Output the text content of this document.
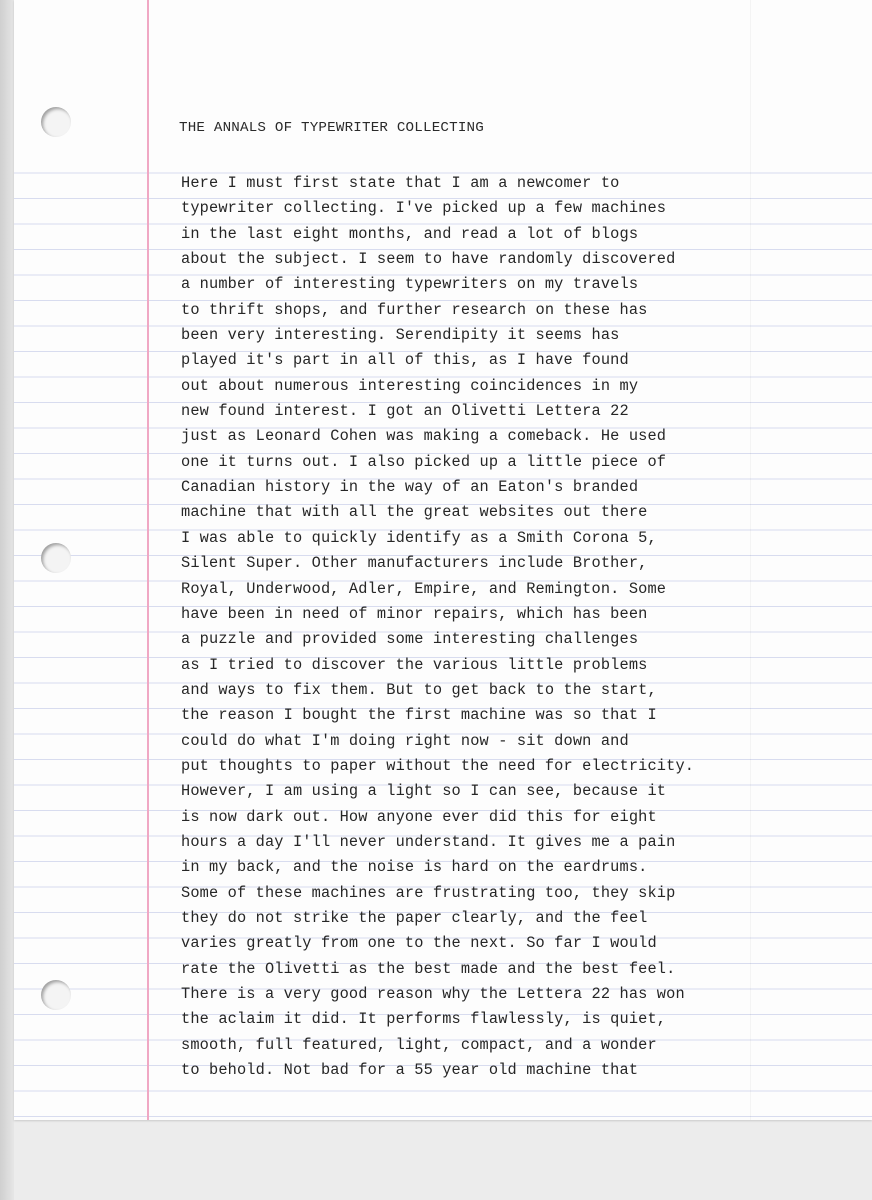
THE ANNALS OF TYPEWRITER COLLECTING
Here I must first state that I am a newcomer to
typewriter collecting. I've picked up a few machines
in the last eight months, and read a lot of blogs
about the subject. I seem to have randomly discovered
a number of interesting typewriters on my travels
to thrift shops, and further research on these has
been very interesting. Serendipity it seems has
played it's part in all of this, as I have found
out about numerous interesting coincidences in my
new found interest. I got an Olivetti Lettera 22
just as Leonard Cohen was making a comeback. He used
one it turns out. I also picked up a little piece of
Canadian history in the way of an Eaton's branded
machine that with all the great websites out there
I was able to quickly identify as a Smith Corona 5,
Silent Super. Other manufacturers include Brother,
Royal, Underwood, Adler, Empire, and Remington. Some
have been in need of minor repairs, which has been
a puzzle and provided some interesting challenges
as I tried to discover the various little problems
and ways to fix them. But to get back to the start,
the reason I bought the first machine was so that I
could do what I'm doing right now - sit down and
put thoughts to paper without the need for electricity.
However, I am using a light so I can see, because it
is now dark out. How anyone ever did this for eight
hours a day I'll never understand. It gives me a pain
in my back, and the noise is hard on the eardrums.
Some of these machines are frustrating too, they skip
they do not strike the paper clearly, and the feel
varies greatly from one to the next. So far I would
rate the Olivetti as the best made and the best feel.
There is a very good reason why the Lettera 22 has won
the aclaim it did. It performs flawlessly, is quiet,
smooth, full featured, light, compact, and a wonder
to behold. Not bad for a 55 year old machine that
